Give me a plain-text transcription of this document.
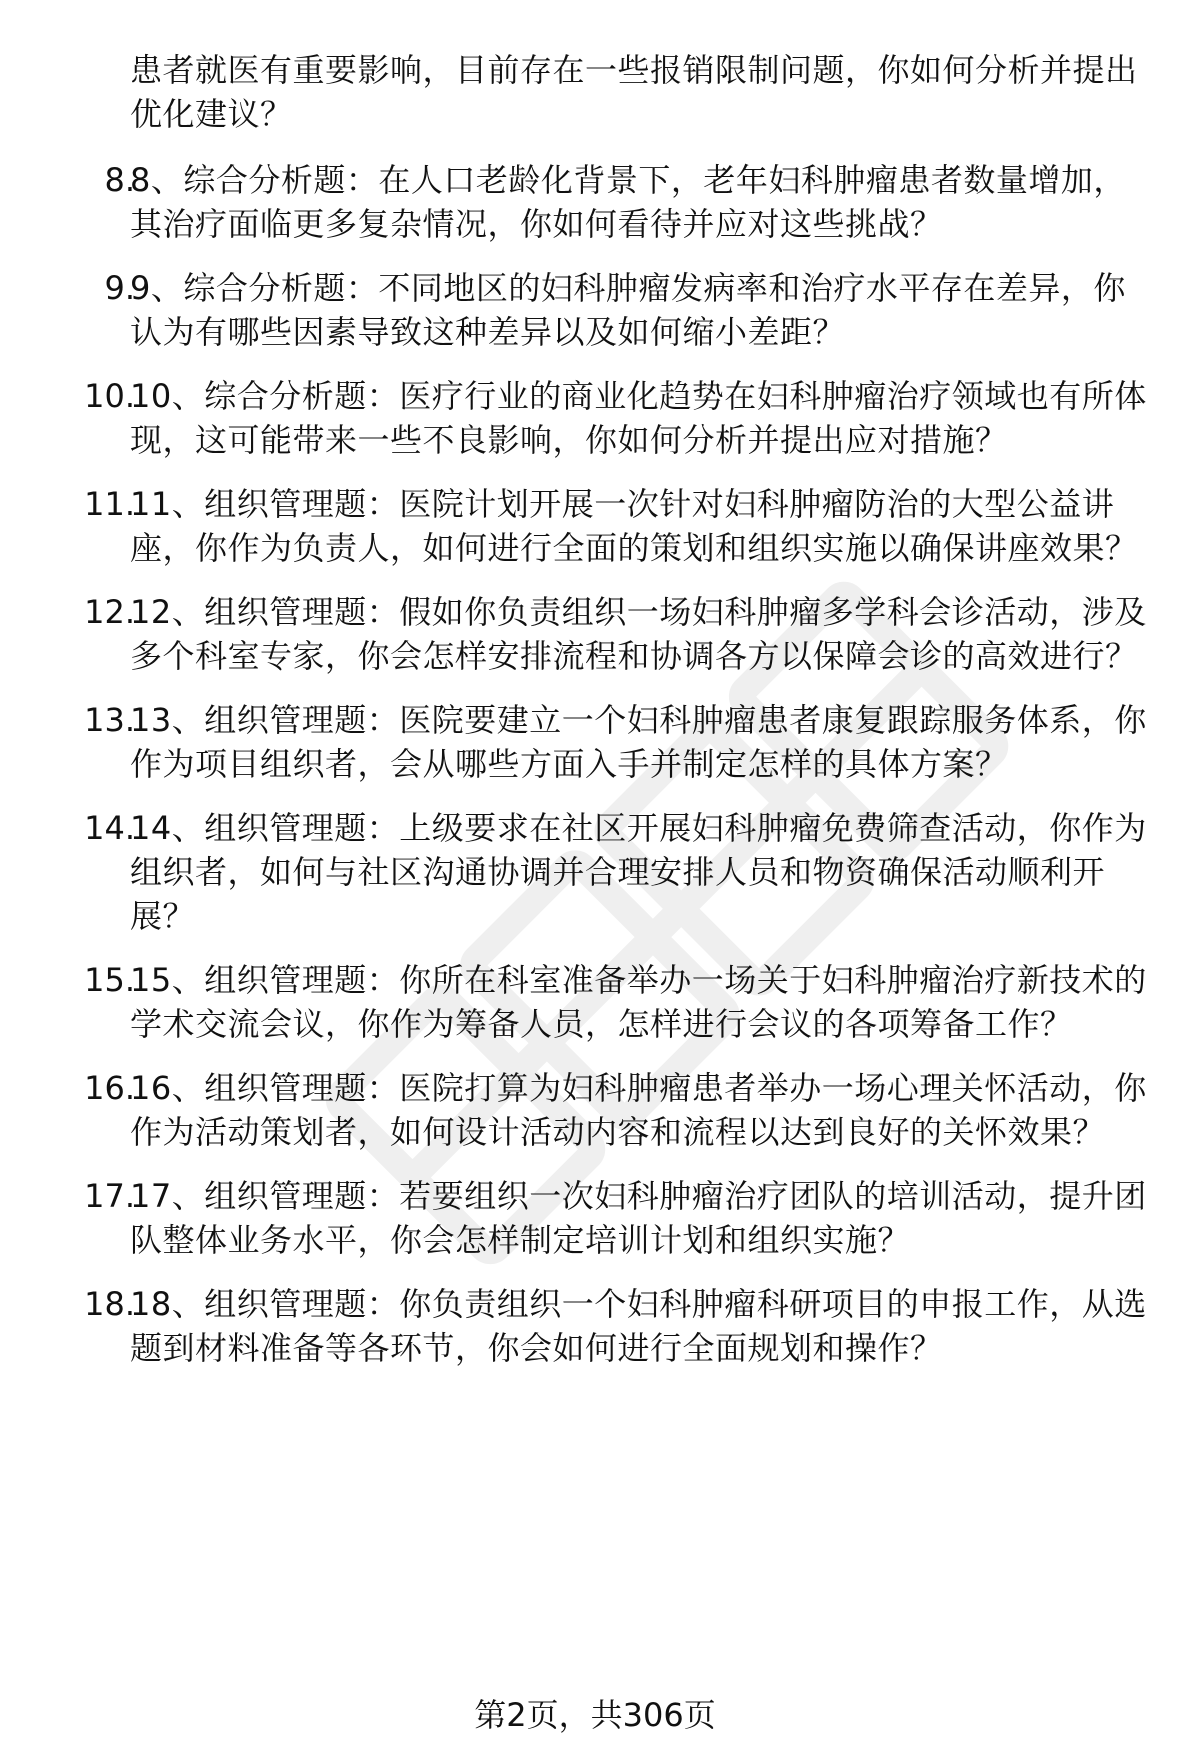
患者就医有重要影响，目前存在一些报销限制问题，你如何分析并提出优化建议？
8.
8、综合分析题：在人口老龄化背景下，老年妇科肿瘤患者数量增加，其治疗面临更多复杂情况，你如何看待并应对这些挑战？
9.
9、综合分析题：不同地区的妇科肿瘤发病率和治疗水平存在差异，你认为有哪些因素导致这种差异以及如何缩小差距？
10.
10、综合分析题：医疗行业的商业化趋势在妇科肿瘤治疗领域也有所体现，这可能带来一些不良影响，你如何分析并提出应对措施？
11.
11、组织管理题：医院计划开展一次针对妇科肿瘤防治的大型公益讲座，你作为负责人，如何进行全面的策划和组织实施以确保讲座效果？
12.
12、组织管理题：假如你负责组织一场妇科肿瘤多学科会诊活动，涉及多个科室专家，你会怎样安排流程和协调各方以保障会诊的高效进行？
13.
13、组织管理题：医院要建立一个妇科肿瘤患者康复跟踪服务体系，你作为项目组织者，会从哪些方面入手并制定怎样的具体方案？
14.
14、组织管理题：上级要求在社区开展妇科肿瘤免费筛查活动，你作为组织者，如何与社区沟通协调并合理安排人员和物资确保活动顺利开展？
15.
15、组织管理题：你所在科室准备举办一场关于妇科肿瘤治疗新技术的学术交流会议，你作为筹备人员，怎样进行会议的各项筹备工作？
16.
16、组织管理题：医院打算为妇科肿瘤患者举办一场心理关怀活动，你作为活动策划者，如何设计活动内容和流程以达到良好的关怀效果？
17.
17、组织管理题：若要组织一次妇科肿瘤治疗团队的培训活动，提升团队整体业务水平，你会怎样制定培训计划和组织实施？
18.
18、组织管理题：你负责组织一个妇科肿瘤科研项目的申报工作，从选题到材料准备等各环节，你会如何进行全面规划和操作？
第2页，共306页
